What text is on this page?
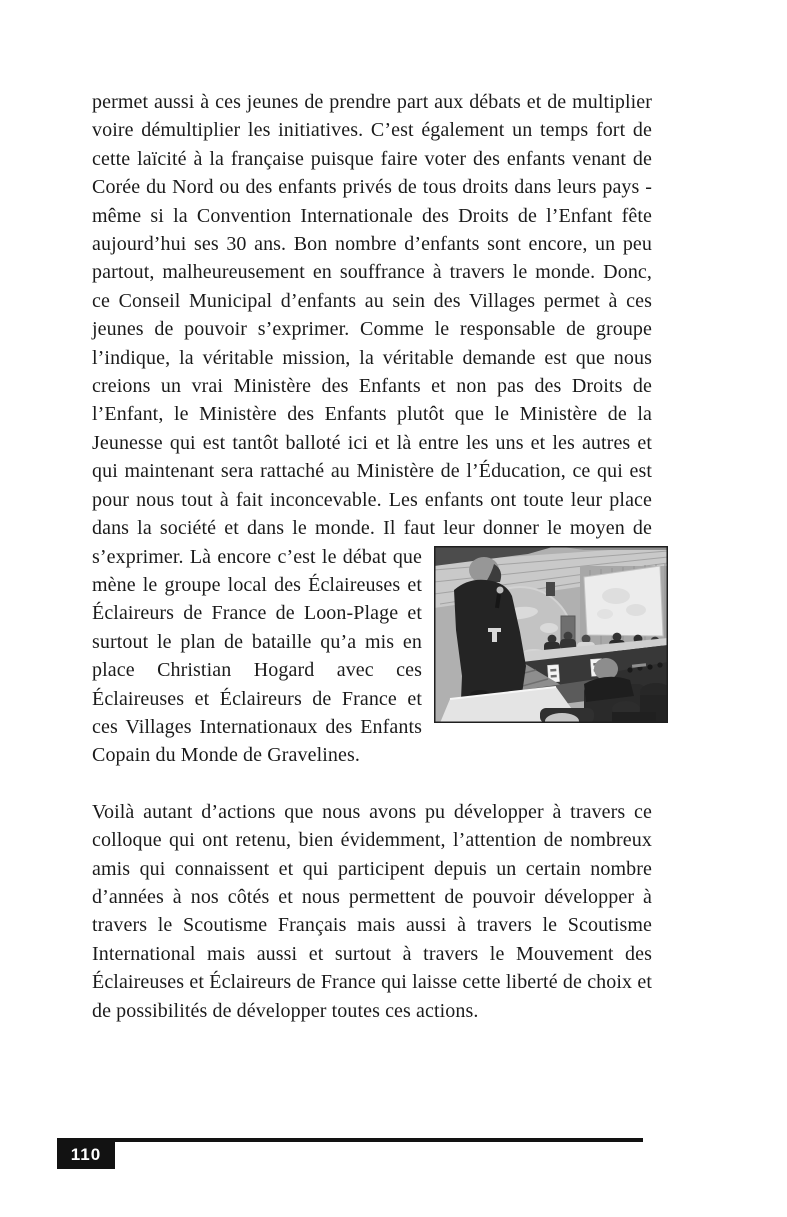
permet aussi à ces jeunes de prendre part aux débats et de multiplier voire démultiplier les initiatives. C’est également un temps fort de cette laïcité à la française puisque faire voter des enfants venant de Corée du Nord ou des enfants privés de tous droits dans leurs pays - même si la Convention Internationale des Droits de l’Enfant fête aujourd’hui ses 30 ans. Bon nombre d’enfants sont encore, un peu partout, malheureusement en souffrance à travers le monde. Donc, ce Conseil Municipal d’enfants au sein des Villages permet à ces jeunes de pouvoir s’exprimer. Comme le responsable de groupe l’indique, la véritable mission, la véritable demande est que nous creions un vrai Ministère des Enfants et non pas des Droits de l’Enfant, le Ministère des Enfants plutôt que le Ministère de la Jeunesse qui est tantôt balloté ici et là entre les uns et les autres et qui maintenant sera rattaché au Ministère de l’Éducation, ce qui est pour nous tout à fait inconcevable. Les enfants ont toute leur place dans la société et dans le monde. Il faut leur donner
le moyen de s’exprimer. Là encore c’est le débat que mène le groupe local des Éclaireuses et Éclaireurs de France de Loon-Plage et surtout le plan de bataille qu’a mis en place Christian Hogard avec ces Éclaireuses et Éclaireurs de France et ces Villages Internationaux des Enfants Copain du Monde de Gravelines.

Voilà autant d’actions que nous avons pu développer à travers ce colloque qui ont retenu, bien évidemment, l’attention de nombreux amis qui connaissent et qui participent depuis un certain nombre d’années à nos côtés et nous permettent de pouvoir développer à travers le Scoutisme Français mais aussi à travers le Scoutisme International mais aussi et surtout à travers le Mouvement des Éclaireuses et Éclaireurs de France qui laisse cette liberté de choix et de possibilités de développer toutes ces actions.

110
